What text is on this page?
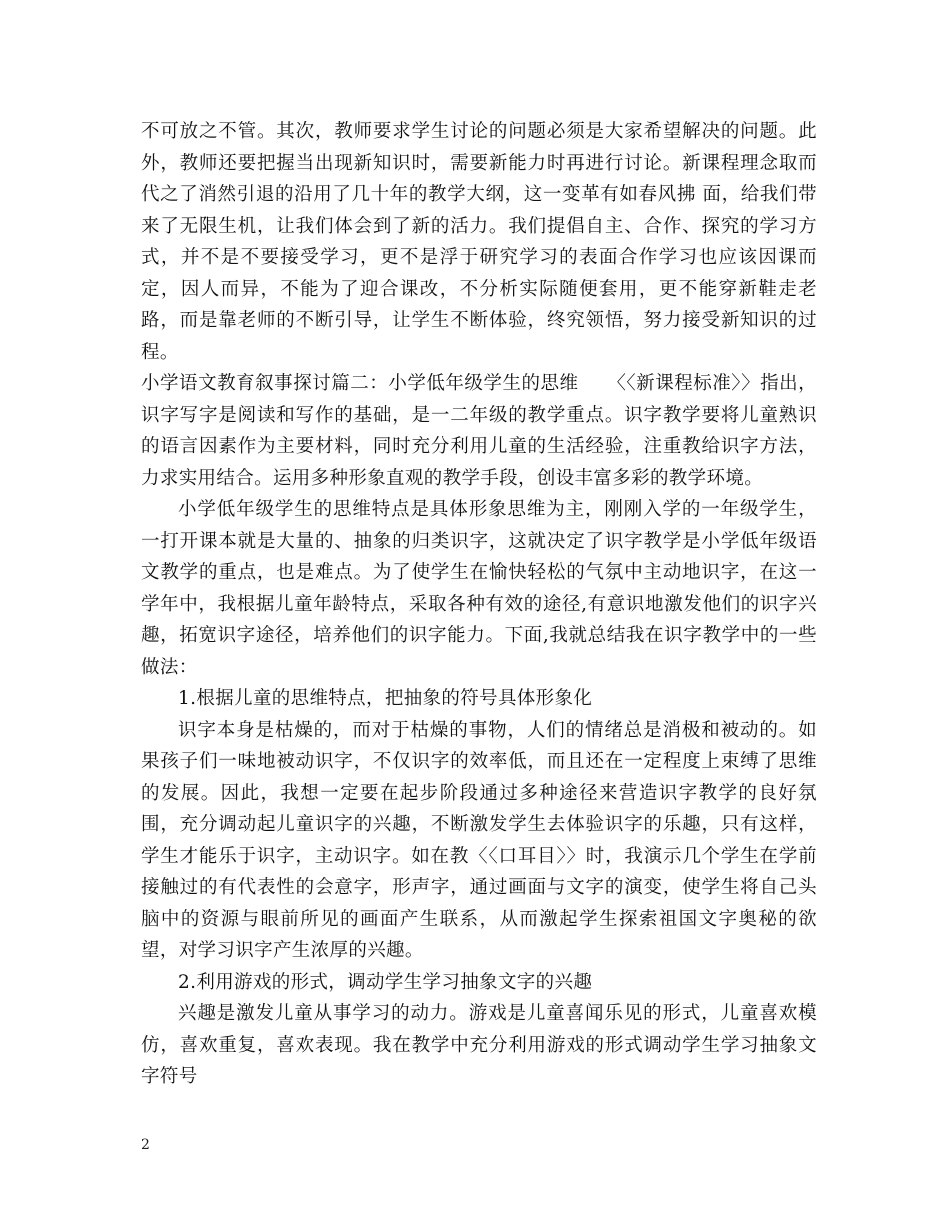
不可放之不管。其次，教师要求学生讨论的问题必须是大家希望解决的问题。此外，教师还要把握当出现新知识时，需要新能力时再进行讨论。新课程理念取而代之了消然引退的沿用了几十年的教学大纲，这一变革有如春风拂 面，给我们带来了无限生机，让我们体会到了新的活力。我们提倡自主、合作、探究的学习方式，并不是不要接受学习，更不是浮于研究学习的表面合作学习也应该因课而定，因人而异，不能为了迎合课改，不分析实际随便套用，更不能穿新鞋走老路，而是靠老师的不断引导，让学生不断体验，终究领悟，努力接受新知识的过程。

小学语文教育叙事探讨篇二：小学低年级学生的思维　　〈〈新课程标准〉〉指出，识字写字是阅读和写作的基础，是一二年级的教学重点。识字教学要将儿童熟识的语言因素作为主要材料，同时充分利用儿童的生活经验，注重教给识字方法，力求实用结合。运用多种形象直观的教学手段，创设丰富多彩的教学环境。

小学低年级学生的思维特点是具体形象思维为主，刚刚入学的一年级学生，一打开课本就是大量的、抽象的归类识字，这就决定了识字教学是小学低年级语文教学的重点，也是难点。为了使学生在愉快轻松的气氛中主动地识字，在这一学年中，我根据儿童年龄特点，采取各种有效的途径,有意识地激发他们的识字兴趣，拓宽识字途径，培养他们的识字能力。下面,我就总结我在识字教学中的一些做法：

1.根据儿童的思维特点，把抽象的符号具体形象化

识字本身是枯燥的，而对于枯燥的事物，人们的情绪总是消极和被动的。如果孩子们一味地被动识字，不仅识字的效率低，而且还在一定程度上束缚了思维的发展。因此，我想一定要在起步阶段通过多种途径来营造识字教学的良好氛围，充分调动起儿童识字的兴趣，不断激发学生去体验识字的乐趣，只有这样，学生才能乐于识字，主动识字。如在教〈〈口耳目〉〉时，我演示几个学生在学前接触过的有代表性的会意字，形声字，通过画面与文字的演变，使学生将自己头脑中的资源与眼前所见的画面产生联系，从而激起学生探索祖国文字奥秘的欲望，对学习识字产生浓厚的兴趣。

2.利用游戏的形式，调动学生学习抽象文字的兴趣

兴趣是激发儿童从事学习的动力。游戏是儿童喜闻乐见的形式，儿童喜欢模仿，喜欢重复，喜欢表现。我在教学中充分利用游戏的形式调动学生学习抽象文字符号

2
